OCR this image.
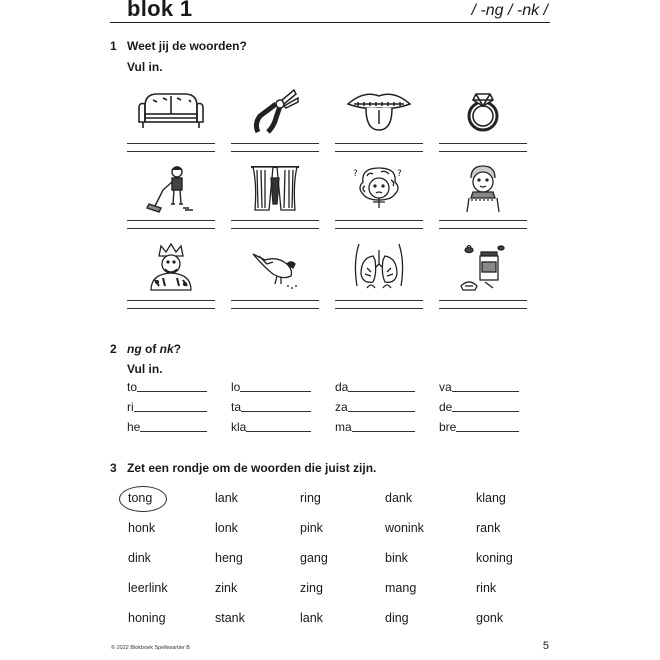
blok 1	/ -ng / -nk /
1 Weet jij de woorden?
Vul in.
?	?
2 ng of nk?
Vul in.
to	lo	da	va
ri	ta	za	de
he	kla	ma	bre
3 Zet een rondje om de woorden die juist zijn.
tong	lank	ring	dank	klang
honk	lonk	pink	wonink	rank
dink	heng	gang	bink	koning
leerlink	zink	zing	mang	rink
honing	stank	lank	ding	gonk
© 2022 Blokboek Spelkwartier B	5
